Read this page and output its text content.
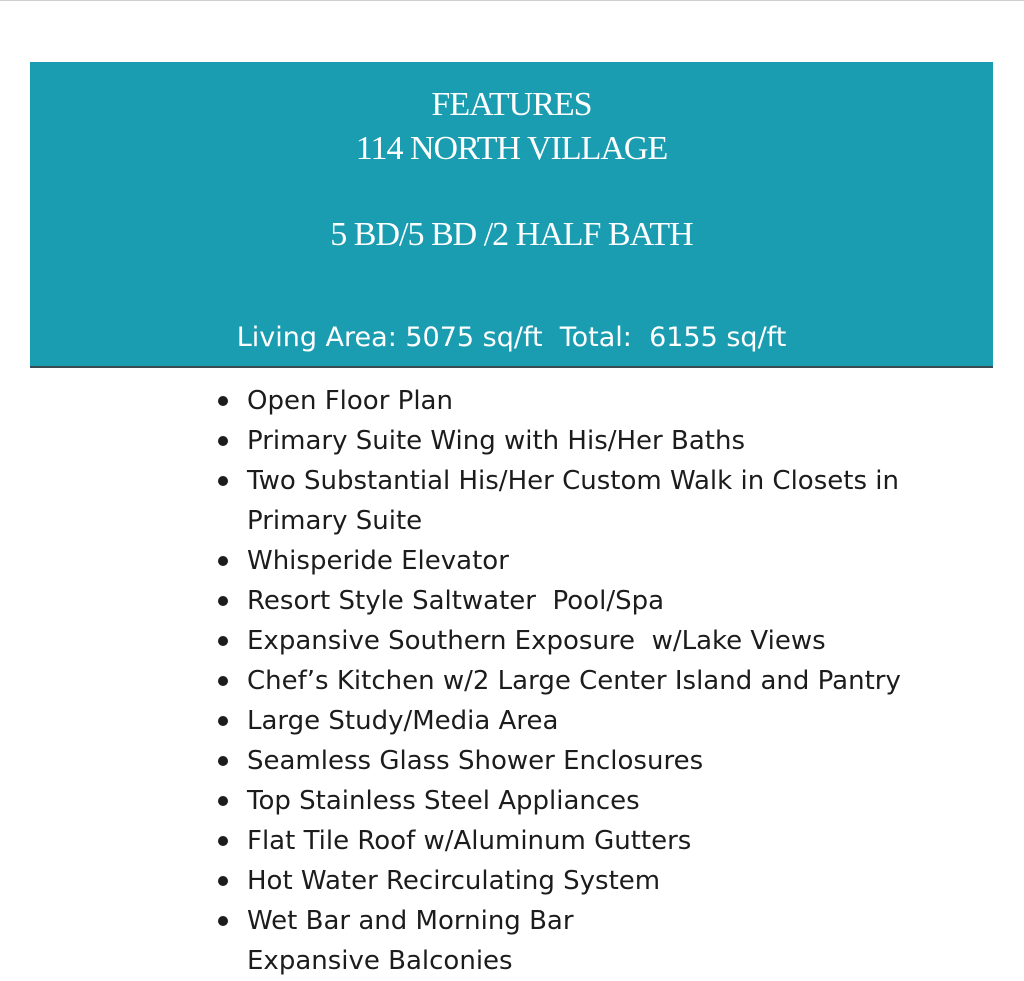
FEATURES
114 NORTH VILLAGE
5 BD/5 BD /2 HALF BATH
Living Area: 5075 sq/ft  Total:  6155 sq/ft
Open Floor Plan
Primary Suite Wing with His/Her Baths
Two Substantial His/Her Custom Walk in Closets in Primary Suite
Whisperide Elevator
Resort Style Saltwater  Pool/Spa
Expansive Southern Exposure  w/Lake Views
Chef’s Kitchen w/2 Large Center Island and Pantry
Large Study/Media Area
Seamless Glass Shower Enclosures
Top Stainless Steel Appliances
Flat Tile Roof w/Aluminum Gutters
Hot Water Recirculating System
Wet Bar and Morning Bar
Expansive Balconies
